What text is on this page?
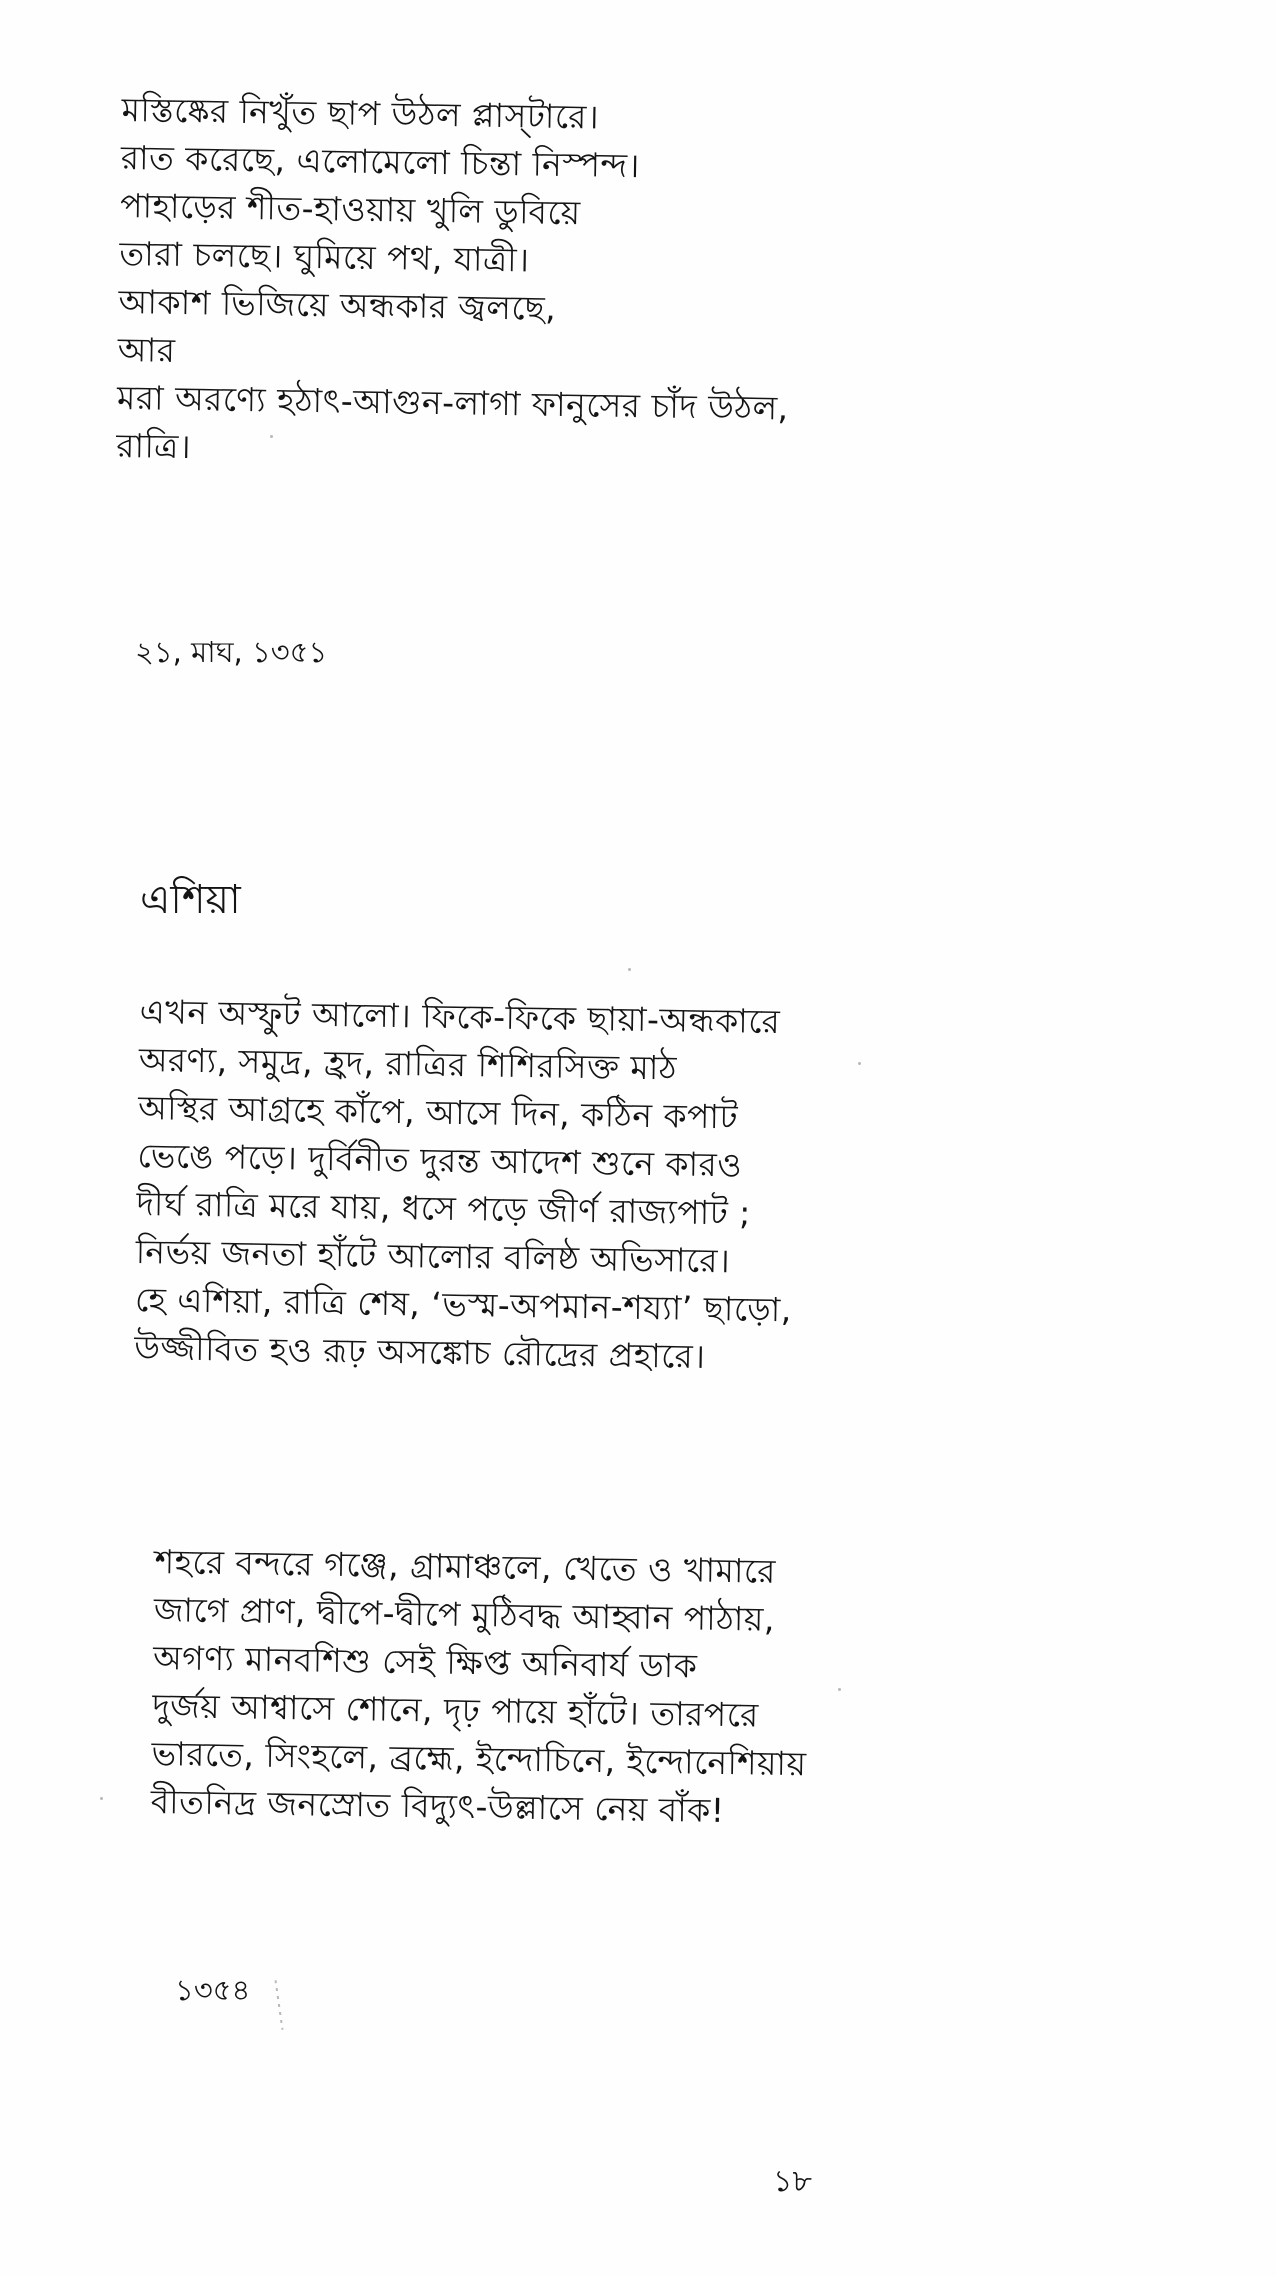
মস্তিষ্কের নিখুঁত ছাপ উঠল প্লাস্‌টারে।
রাত করেছে, এলোমেলো চিন্তা নিস্পন্দ।
পাহাড়ের শীত-হাওয়ায় খুলি ডুবিয়ে
তারা চলছে। ঘুমিয়ে পথ, যাত্রী।
আকাশ ভিজিয়ে অন্ধকার জ্বলছে,
আর
মরা অরণ্যে হঠাৎ-আগুন-লাগা ফানুসের চাঁদ উঠল,
রাত্রি।
২১, মাঘ, ১৩৫১
এশিয়া
এখন অস্ফুট আলো। ফিকে-ফিকে ছায়া-অন্ধকারে
অরণ্য, সমুদ্র, হ্রদ, রাত্রির শিশিরসিক্ত মাঠ
অস্থির আগ্রহে কাঁপে, আসে দিন, কঠিন কপাট
ভেঙে পড়ে। দুর্বিনীত দুরন্ত আদেশ শুনে কারও
দীর্ঘ রাত্রি মরে যায়, ধসে পড়ে জীর্ণ রাজ্যপাট ;
নির্ভয় জনতা হাঁটে আলোর বলিষ্ঠ অভিসারে।
হে এশিয়া, রাত্রি শেষ, ‘ভস্ম-অপমান-শয্যা’ ছাড়ো,
উজ্জীবিত হও রূঢ় অসঙ্কোচ রৌদ্রের প্রহারে।
শহরে বন্দরে গঞ্জে, গ্রামাঞ্চলে, খেতে ও খামারে
জাগে প্রাণ, দ্বীপে-দ্বীপে মুঠিবদ্ধ আহ্বান পাঠায়,
অগণ্য মানবশিশু সেই ক্ষিপ্ত অনিবার্য ডাক
দুর্জয় আশ্বাসে শোনে, দৃঢ় পায়ে হাঁটে। তারপরে
ভারতে, সিংহলে, ব্রহ্মে, ইন্দোচিনে, ইন্দোনেশিয়ায়
বীতনিদ্র জনস্রোত বিদ্যুৎ-উল্লাসে নেয় বাঁক!
১৩৫৪
১৮
